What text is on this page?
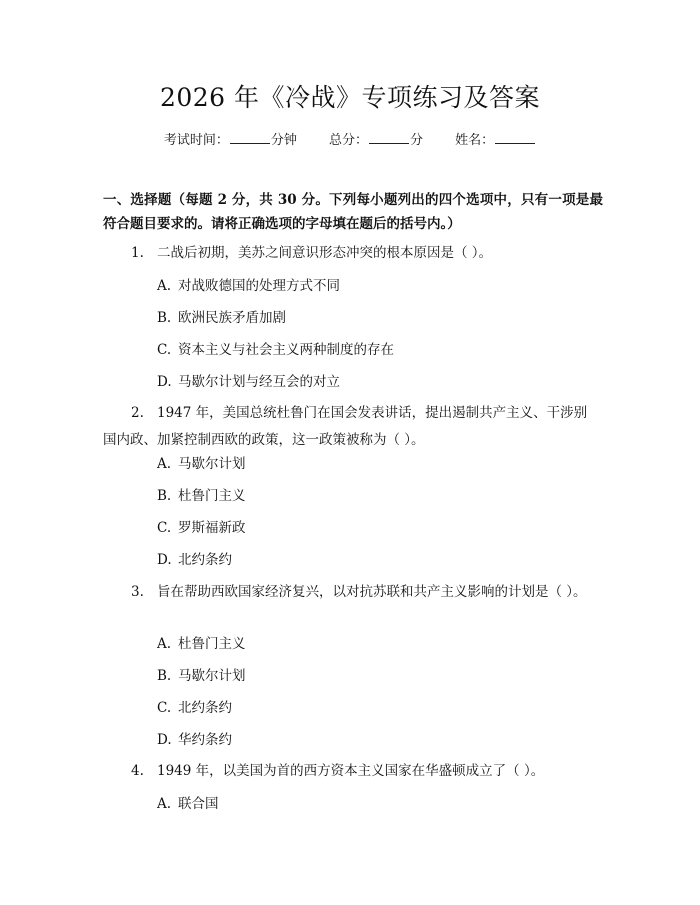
2026 年《冷战》专项练习及答案
考试时间：	分钟 总分：	分 姓名：
一、选择题（每题 2 分，共 30 分。下列每小题列出的四个选项中，只有一项是最符合题目要求的。请将正确选项的字母填在题后的括号内。）
1. 二战后初期，美苏之间意识形态冲突的根本原因是（ ）。
A. 对战败德国的处理方式不同
B. 欧洲民族矛盾加剧
C. 资本主义与社会主义两种制度的存在
D. 马歇尔计划与经互会的对立
2. 1947 年，美国总统杜鲁门在国会发表讲话，提出遏制共产主义、干涉别国内政、加紧控制西欧的政策，这一政策被称为（ ）。
A. 马歇尔计划
B. 杜鲁门主义
C. 罗斯福新政
D. 北约条约
3. 旨在帮助西欧国家经济复兴，以对抗苏联和共产主义影响的计划是（ ）。
A. 杜鲁门主义
B. 马歇尔计划
C. 北约条约
D. 华约条约
4. 1949 年，以美国为首的西方资本主义国家在华盛顿成立了（ ）。
A. 联合国
